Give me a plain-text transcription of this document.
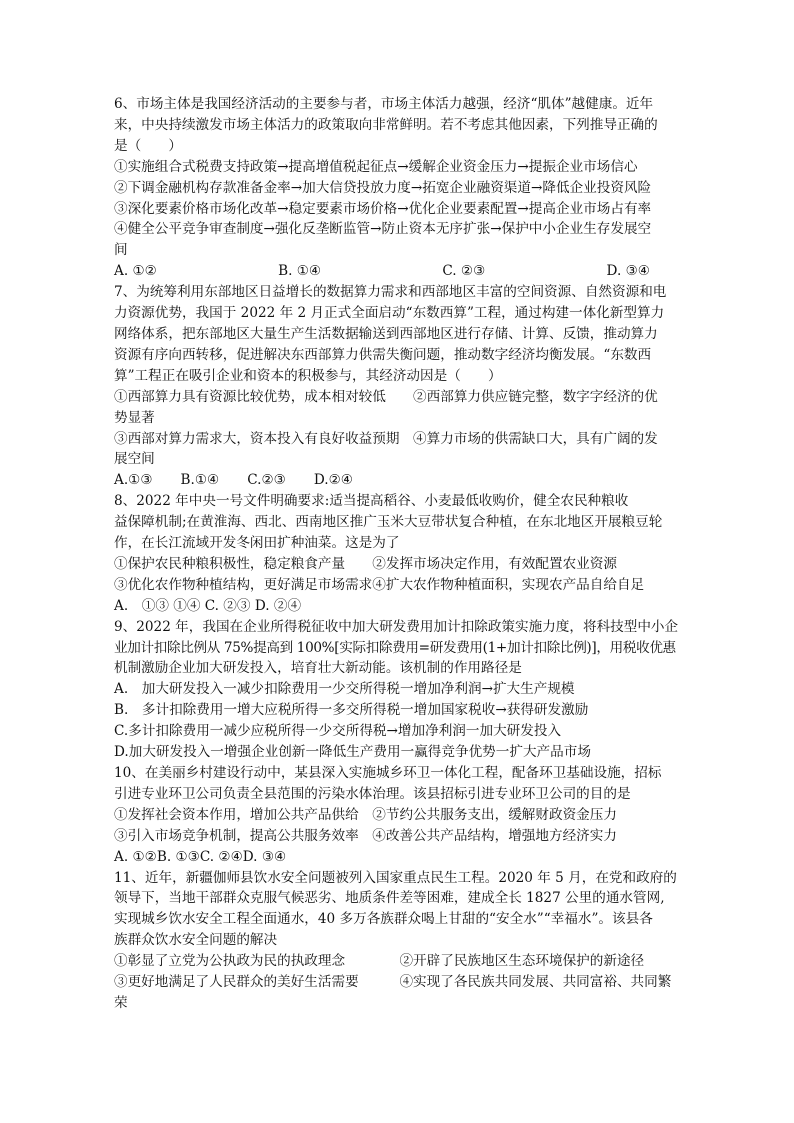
6、市场主体是我国经济活动的主要参与者，市场主体活力越强，经济“肌体”越健康。近年
来，中央持续激发市场主体活力的政策取向非常鲜明。若不考虑其他因素，下列推导正确的
是（　　）
①实施组合式税费支持政策→提高增值税起征点→缓解企业资金压力→提振企业市场信心
②下调金融机构存款准备金率→加大信贷投放力度→拓宽企业融资渠道→降低企业投资风险
③深化要素价格市场化改革→稳定要素市场价格→优化企业要素配置→提高企业市场占有率
④健全公平竞争审查制度→强化反垄断监管→防止资本无序扩张→保护中小企业生存发展空
间
A. ①②	B. ①④	C. ②③	D. ③④
7、为统筹利用东部地区日益增长的数据算力需求和西部地区丰富的空间资源、自然资源和电
力资源优势，我国于 2022 年 2 月正式全面启动“东数西算”工程，通过构建一体化新型算力
网络体系，把东部地区大量生产生活数据输送到西部地区进行存储、计算、反馈，推动算力
资源有序向西转移，促进解决东西部算力供需失衡问题，推动数字经济均衡发展。“东数西
算”工程正在吸引企业和资本的积极参与，其经济动因是（　　）
①西部算力具有资源比较优势，成本相对较低　　②西部算力供应链完整，数字字经济的优
势显著
③西部对算力需求大，资本投入有良好收益预期　④算力市场的供需缺口大，具有广阔的发
展空间
A.①③ B.①④ C.②③ D.②④
8、2022 年中央一号文件明确要求:适当提高稻谷、小麦最低收购价，健全农民种粮收
益保障机制;在黄淮海、西北、西南地区推广玉米大豆带状复合种植，在东北地区开展粮豆轮
作，在长江流域开发冬闲田扩种油菜。这是为了
①保护农民种粮积极性，稳定粮食产量　　②发挥市场决定作用，有效配置农业资源
③优化农作物种植结构，更好满足市场需求④扩大农作物种植面积，实现农产品自给自足
A.　①③ ①④ C. ②③ D. ②④
9、2022 年，我国在企业所得税征收中加大研发费用加计扣除政策实施力度，将科技型中小企
业加计扣除比例从 75%提高到 100%[实际扣除费用=研发费用(1+加计扣除比例)]，用税收优惠
机制激励企业加大研发投入，培育壮大新动能。该机制的作用路径是
A.　加大研发投入一减少扣除费用一少交所得税一增加净利润→扩大生产规模
B.　多计扣除费用一增大应税所得一多交所得税一增加国家税收→获得研发激励
C.多计扣除费用一减少应税所得一少交所得税→增加净利润一加大研发投入
D.加大研发投入一增强企业创新一降低生产费用一赢得竞争优势一扩大产品市场
10、在美丽乡村建设行动中，某县深入实施城乡环卫一体化工程，配备环卫基础设施，招标
引进专业环卫公司负责全县范围的污染水体治理。该县招标引进专业环卫公司的目的是
①发挥社会资本作用，增加公共产品供给　②节约公共服务支出，缓解财政资金压力
③引入市场竞争机制，提高公共服务效率　④改善公共产品结构，增强地方经济实力
A. ①②B. ①③C. ②④D. ③④
11、近年，新疆伽师县饮水安全问题被列入国家重点民生工程。2020 年 5 月，在党和政府的
领导下，当地干部群众克服气候恶劣、地质条件差等困难，建成全长 1827 公里的通水管网,
实现城乡饮水安全工程全面通水，40 多万各族群众喝上甘甜的“安全水”“幸福水”。该县各
族群众饮水安全问题的解决
①彰显了立党为公执政为民的执政理念　　　　②开辟了民族地区生态环境保护的新途径
③更好地满足了人民群众的美好生活需要　　　④实现了各民族共同发展、共同富裕、共同繁
荣
